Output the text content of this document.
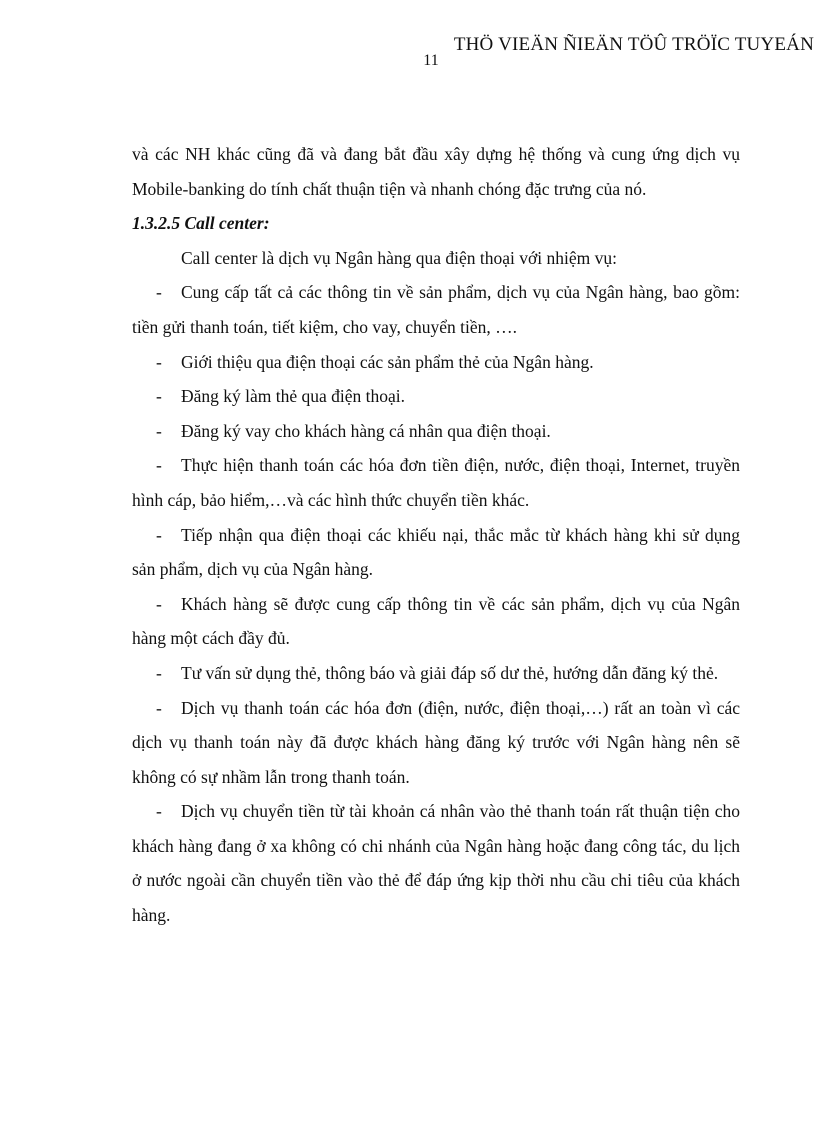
THÖ VIEÄN ÑIEÄN TÖÛ TRÖÏC TUYEÁN
11

và các NH khác cũng đã và đang bắt đầu xây dựng hệ thống và cung ứng dịch vụ Mobile-banking do tính chất thuận tiện và nhanh chóng đặc trưng của nó.

1.3.2.5 Call center:

Call center là dịch vụ Ngân hàng qua điện thoại với nhiệm vụ:

- Cung cấp tất cả các thông tin về sản phẩm, dịch vụ của Ngân hàng, bao gồm: tiền gửi thanh toán, tiết kiệm, cho vay, chuyển tiền, ….

- Giới thiệu qua điện thoại các sản phẩm thẻ của Ngân hàng.

- Đăng ký làm thẻ qua điện thoại.

- Đăng ký vay cho khách hàng cá nhân qua điện thoại.

- Thực hiện thanh toán các hóa đơn tiền điện, nước, điện thoại, Internet, truyền hình cáp, bảo hiểm,…và các hình thức chuyển tiền khác.

- Tiếp nhận qua điện thoại các khiếu nại, thắc mắc từ khách hàng khi sử dụng sản phẩm, dịch vụ của Ngân hàng.

- Khách hàng sẽ được cung cấp thông tin về các sản phẩm, dịch vụ của Ngân hàng một cách đầy đủ.

- Tư vấn sử dụng thẻ, thông báo và giải đáp số dư thẻ, hướng dẫn đăng ký thẻ.

- Dịch vụ thanh toán các hóa đơn (điện, nước, điện thoại,…) rất an toàn vì các dịch vụ thanh toán này đã được khách hàng đăng ký trước với Ngân hàng nên sẽ không có sự nhầm lẫn trong thanh toán.

- Dịch vụ chuyển tiền từ tài khoản cá nhân vào thẻ thanh toán rất thuận tiện cho khách hàng đang ở xa không có chi nhánh của Ngân hàng hoặc đang công tác, du lịch ở nước ngoài cần chuyển tiền vào thẻ để đáp ứng kịp thời nhu cầu chi tiêu của khách hàng.
